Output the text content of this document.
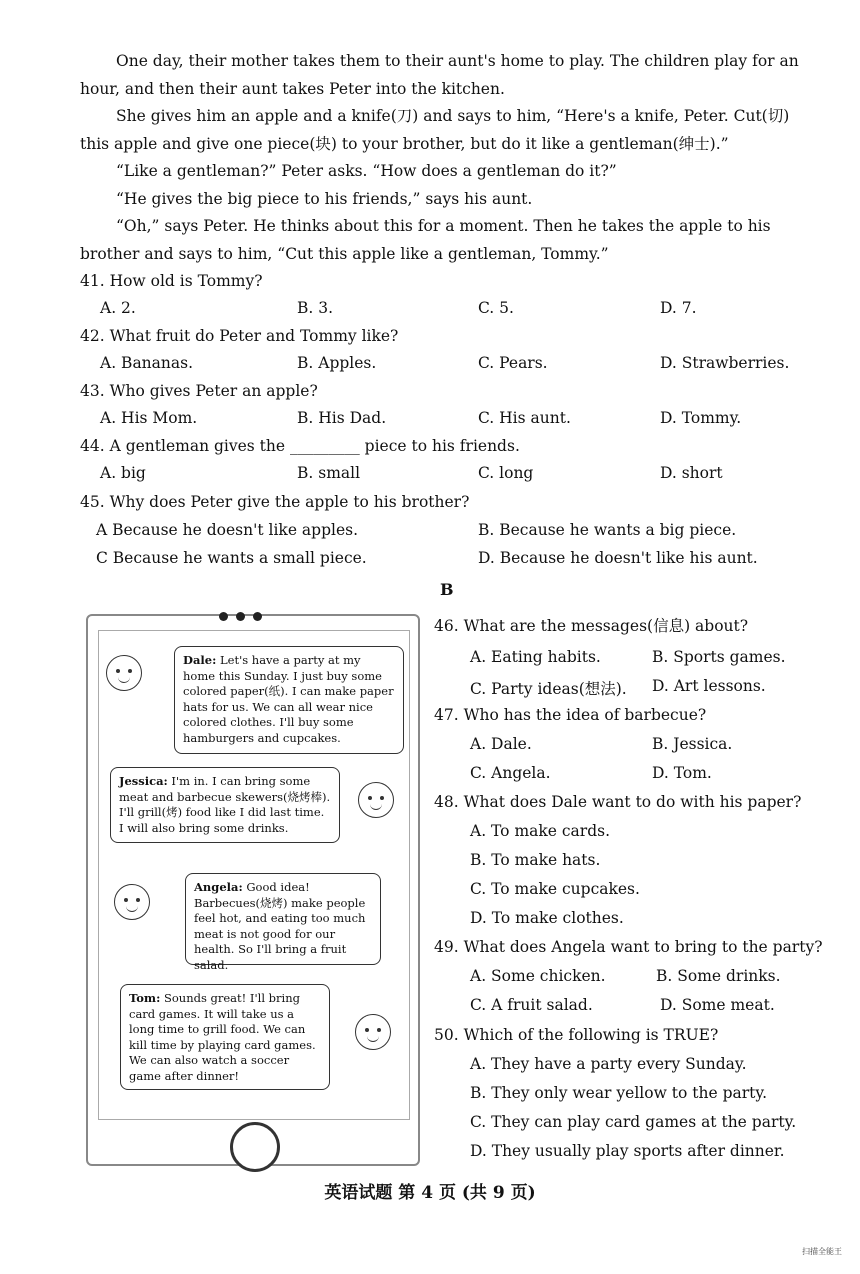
One day, their mother takes them to their aunt's home to play. The children play for an hour, and then their aunt takes Peter into the kitchen.
She gives him an apple and a knife(刀) and says to him, “Here's a knife, Peter. Cut(切) this apple and give one piece(块) to your brother, but do it like a gentleman(绅士).”
“Like a gentleman?” Peter asks. “How does a gentleman do it?”
“He gives the big piece to his friends,” says his aunt.
“Oh,” says Peter. He thinks about this for a moment. Then he takes the apple to his brother and says to him, “Cut this apple like a gentleman, Tommy.”
41. How old is Tommy?
A. 2.	B. 3.	C. 5.	D. 7.
42. What fruit do Peter and Tommy like?
A. Bananas.	B. Apples.	C. Pears.	D. Strawberries.
43. Who gives Peter an apple?
A. His Mom.	B. His Dad.	C. His aunt.	D. Tommy.
44. A gentleman gives the _________ piece to his friends.
A. big	B. small	C. long	D. short
45. Why does Peter give the apple to his brother?
A Because he doesn't like apples.	B. Because he wants a big piece.
C Because he wants a small piece.	D. Because he doesn't like his aunt.
B
Dale: Let's have a party at my home this Sunday. I just buy some colored paper(纸). I can make paper hats for us. We can all wear nice colored clothes. I'll buy some hamburgers and cupcakes.
Jessica: I'm in. I can bring some meat and barbecue skewers(烧烤棒). I'll grill(烤) food like I did last time. I will also bring some drinks.
Angela: Good idea! Barbecues(烧烤) make people feel hot, and eating too much meat is not good for our health. So I'll bring a fruit salad.
Tom: Sounds great! I'll bring card games. It will take us a long time to grill food. We can kill time by playing card games. We can also watch a soccer game after dinner!
46. What are the messages(信息) about?
A. Eating habits.	B. Sports games.
C. Party ideas(想法). D. Art lessons.
47. Who has the idea of barbecue?
A. Dale.	B. Jessica.
C. Angela.	D. Tom.
48. What does Dale want to do with his paper?
A. To make cards.
B. To make hats.
C. To make cupcakes.
D. To make clothes.
49. What does Angela want to bring to the party?
A. Some chicken.	B. Some drinks.
C. A fruit salad.	D. Some meat.
50. Which of the following is TRUE?
A. They have a party every Sunday.
B. They only wear yellow to the party.
C. They can play card games at the party.
D. They usually play sports after dinner.
英语试题 第 4 页 (共 9 页)
扫描全能王
